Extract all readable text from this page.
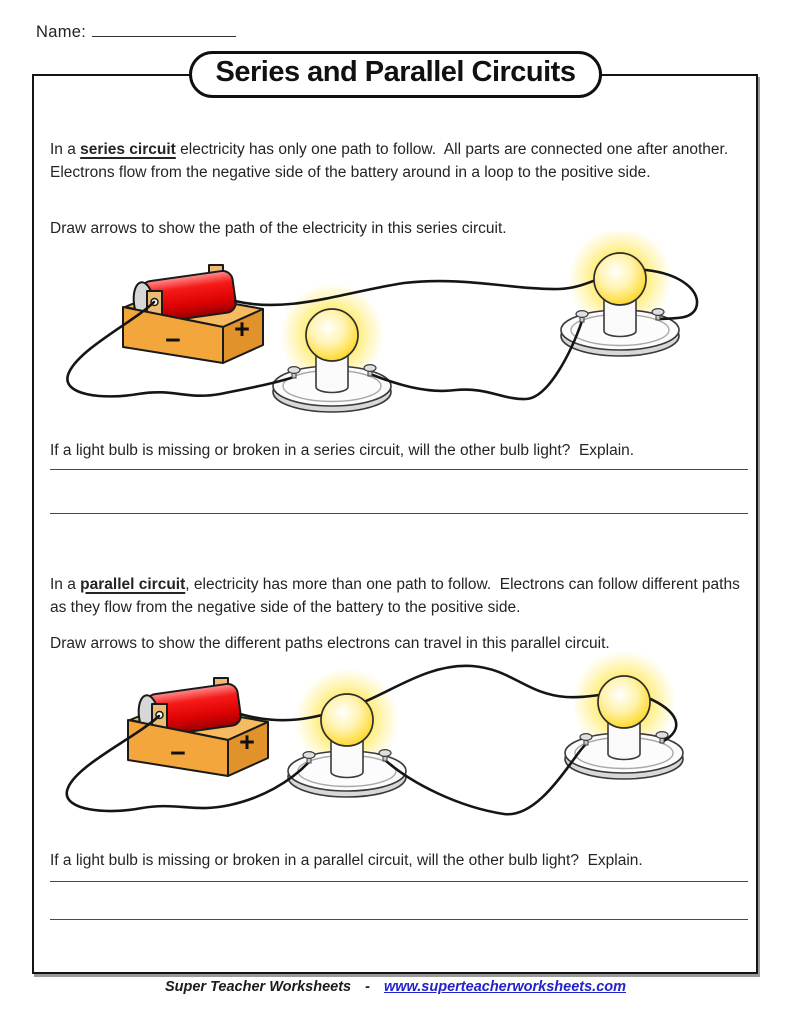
Name:
Series and Parallel Circuits

In a series circuit electricity has only one path to follow.  All parts are connected one after another.  Electrons flow from the negative side of the battery around in a loop to the positive side.

Draw arrows to show the path of the electricity in this series circuit.

If a light bulb is missing or broken in a series circuit, will the other bulb light?  Explain.

In a parallel circuit, electricity has more than one path to follow.  Electrons can follow different paths as they flow from the negative side of the battery to the positive side.

Draw arrows to show the different paths electrons can travel in this parallel circuit.

If a light bulb is missing or broken in a parallel circuit, will the other bulb light?  Explain.

Super Teacher Worksheets - www.superteacherworksheets.com
